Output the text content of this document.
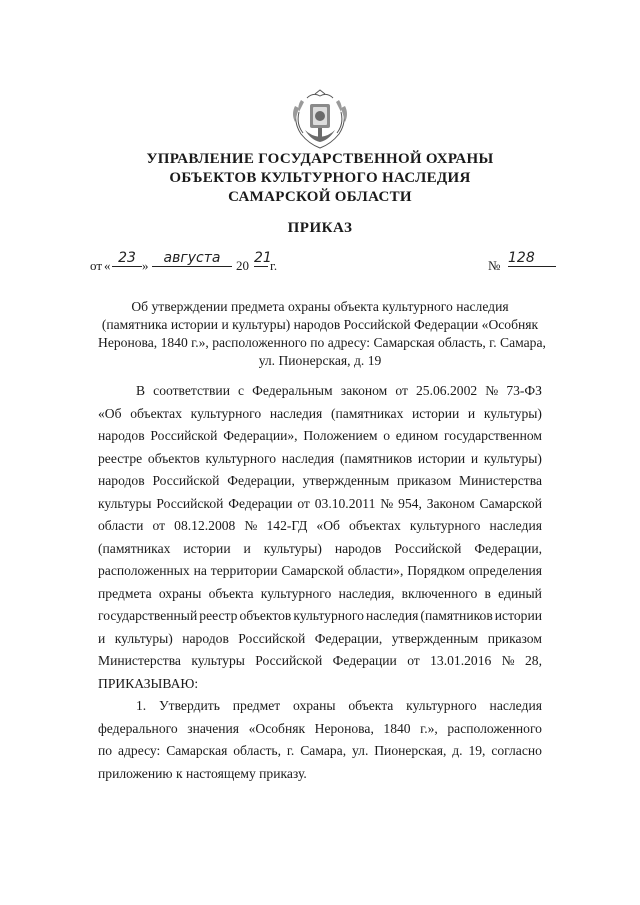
УПРАВЛЕНИЕ ГОСУДАРСТВЕННОЙ ОХРАНЫ
ОБЪЕКТОВ КУЛЬТУРНОГО НАСЛЕДИЯ
САМАРСКОЙ ОБЛАСТИ
ПРИКАЗ
от « 23 »	августа	20 21
г.	№ 128
Об утверждении предмета охраны объекта культурного наследия
(памятника истории и культуры) народов Российской Федерации «Особняк
Неронова, 1840 г.», расположенного по адресу: Самарская область, г. Самара,
ул. Пионерская, д. 19
В соответствии с Федеральным законом от 25.06.2002 № 73-ФЗ
«Об объектах культурного наследия (памятниках истории и культуры)
народов Российской Федерации», Положением о едином государственном
реестре объектов культурного наследия (памятников истории и культуры)
народов Российской Федерации, утвержденным приказом Министерства
культуры Российской Федерации от 03.10.2011 № 954, Законом Самарской
области от 08.12.2008 № 142-ГД «Об объектах культурного наследия
(памятниках истории и культуры) народов Российской Федерации,
расположенных на территории Самарской области», Порядком определения
предмета охраны объекта культурного наследия, включенного в единый
государственный реестр объектов культурного наследия (памятников истории
и культуры) народов Российской Федерации, утвержденным приказом
Министерства культуры Российской Федерации от 13.01.2016 № 28,
ПРИКАЗЫВАЮ:
1. Утвердить предмет охраны объекта культурного наследия
федерального значения «Особняк Неронова, 1840 г.», расположенного
по адресу: Самарская область, г. Самара, ул. Пионерская, д. 19, согласно
приложению к настоящему приказу.
